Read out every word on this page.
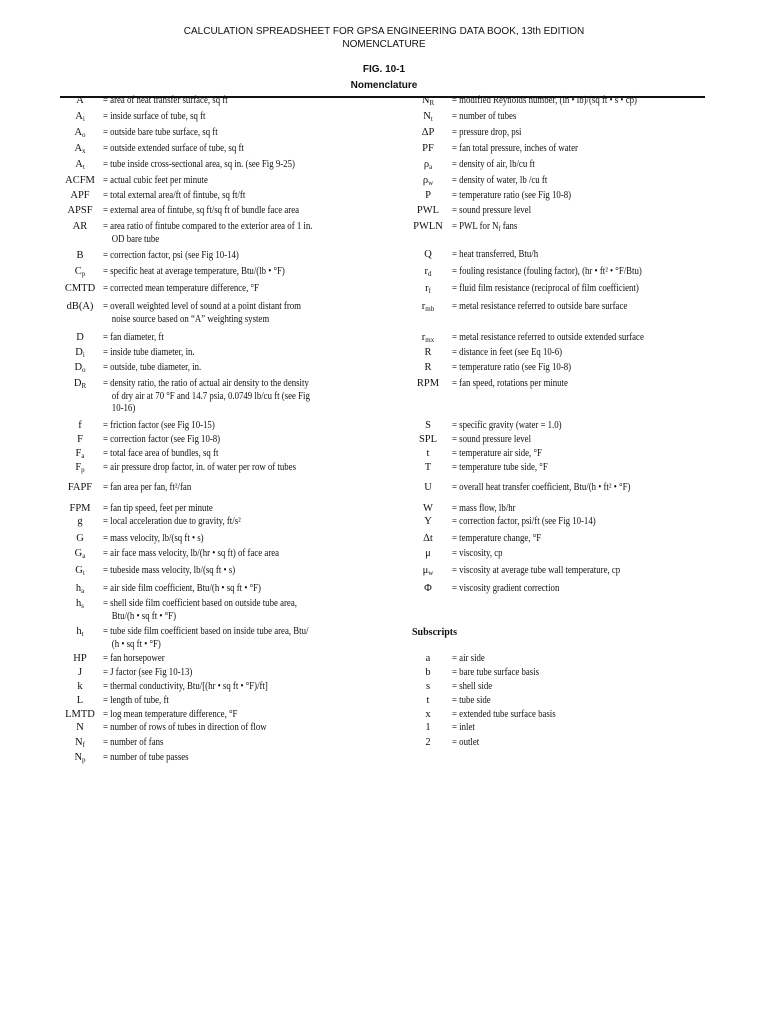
CALCULATION SPREADSHEET FOR GPSA ENGINEERING DATA BOOK, 13th EDITION
NOMENCLATURE
FIG. 10-1
Nomenclature
Subscripts
A	= area of heat transfer surface, sq ft
$A_i$	= inside surface of tube, sq ft
$A_o$	= outside bare tube surface, sq ft
$A_x$	= outside extended surface of tube, sq ft
$A_t$	= tube inside cross-sectional area, sq in. (see Fig 9-25)
ACFM = actual cubic feet per minute
APF	= total external area/ft of fintube, sq ft/ft
APSF	= external area of fintube, sq ft/sq ft of bundle face area
AR	= area ratio of fintube compared to the exterior area of 1 in.
OD bare tube
B	= correction factor, psi (see Fig 10-14)
$C_p$	= specific heat at average temperature, Btu/(lb • °F)
CMTD = corrected mean temperature difference, °F
dB(A) = overall weighted level of sound at a point distant from
noise source based on “A” weighting system
D	= fan diameter, ft
$D_i$	= inside tube diameter, in.
$D_o$	= outside, tube diameter, in.
$D_R$	= density ratio, the ratio of actual air density to the density
of dry air at 70 °F and 14.7 psia, 0.0749 lb/cu ft (see Fig
10-16)
f	= friction factor (see Fig 10-15)
F	= correction factor (see Fig 10-8)
$F_a$	= total face area of bundles, sq ft
$F_p$	= air pressure drop factor, in. of water per row of tubes
FAPF	= fan area per fan, ft²/fan
FPM	= fan tip speed, feet per minute
g	= local acceleration due to gravity, ft/s²
G	= mass velocity, lb/(sq ft • s)
$G_a$	= air face mass velocity, lb/(hr • sq ft) of face area
$G_t$	= tubeside mass velocity, lb/(sq ft • s)
$h_a$	= air side film coefficient, Btu/(h • sq ft • °F)
$h_s$	= shell side film coefficient based on outside tube area,
Btu/(h • sq ft • °F)
$h_t$	= tube side film coefficient based on inside tube area, Btu/
(h • sq ft • °F)
HP	= fan horsepower
J	= J factor (see Fig 10-13)
k	= thermal conductivity, Btu/[(hr • sq ft • °F)/ft]
L	= length of tube, ft
LMTD = log mean temperature difference, °F
N	= number of rows of tubes in direction of flow
$N_f$	= number of fans
$N_p$	= number of tube passes
$N_R$	= modified Reynolds number, (in • lb)/(sq ft • s • cp)
$N_t$	= number of tubes
ΔP	= pressure drop, psi
PF	= fan total pressure, inches of water
$\rho_a$	= density of air, lb/cu ft
$\rho_w$	= density of water, lb /cu ft
P	= temperature ratio (see Fig 10-8)
PWL	= sound pressure level
PWLN = PWL for $N_f$ fans
Q	= heat transferred, Btu/h
$r_d$	= fouling resistance (fouling factor), (hr • ft² • °F/Btu)
$r_f$	= fluid film resistance (reciprocal of film coefficient)
$r_{mb}$	= metal resistance referred to outside bare surface
$r_{mx}$	= metal resistance referred to outside extended surface
R	= distance in feet (see Eq 10-6)
R	= temperature ratio (see Fig 10-8)
RPM	= fan speed, rotations per minute
S	= specific gravity (water = 1.0)
SPL	= sound pressure level
t	= temperature air side, °F
T	= temperature tube side, °F
U	= overall heat transfer coefficient, Btu/(h • ft² • °F)
W	= mass flow, lb/hr
Y	= correction factor, psi/ft (see Fig 10-14)
Δt	= temperature change, °F
μ	= viscosity, cp
$\mu_w$	= viscosity at average tube wall temperature, cp
Φ	= viscosity gradient correction
a	= air side
b	= bare tube surface basis
s	= shell side
t	= tube side
x	= extended tube surface basis
1	= inlet
2	= outlet
